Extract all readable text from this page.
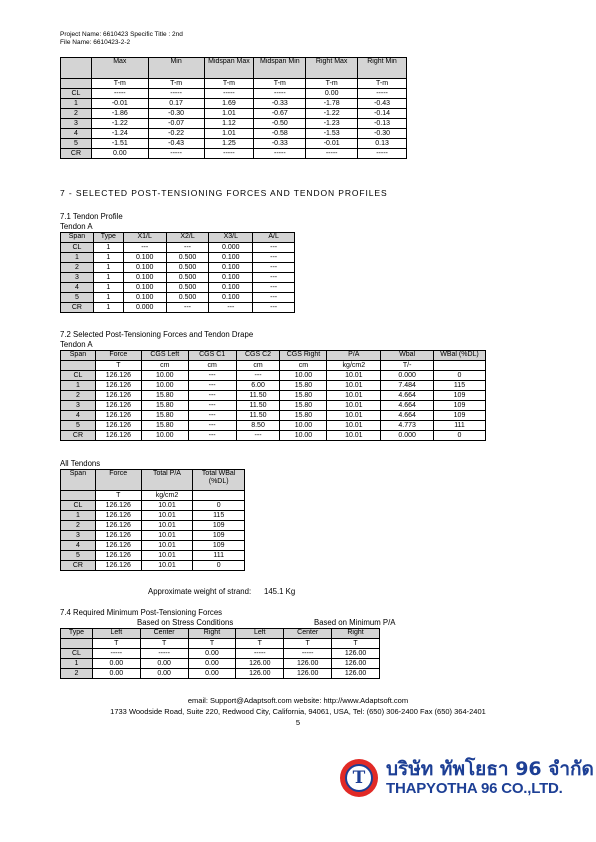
Project Name: 6610423 Specific Title : 2nd
File Name: 6610423-2-2
	Max	Min	Midspan Max	Midspan Min	Right Max	Right Min
	T-m	T-m	T-m	T-m	T-m	T-m
CL	-----	-----	-----	-----	0.00	-----
1	-0.01	0.17	1.69	-0.33	-1.78	-0.43
2	-1.86	-0.30	1.01	-0.67	-1.22	-0.14
3	-1.22	-0.07	1.12	-0.50	-1.23	-0.13
4	-1.24	-0.22	1.01	-0.58	-1.53	-0.30
5	-1.51	-0.43	1.25	-0.33	-0.01	0.13
CR	0.00	-----	-----	-----	-----	-----
7 - SELECTED POST-TENSIONING FORCES AND TENDON PROFILES
7.1 Tendon Profile
Tendon A
Span	Type	X1/L	X2/L	X3/L	A/L
CL	1	---	---	0.000	---
1	1	0.100	0.500	0.100	---
2	1	0.100	0.500	0.100	---
3	1	0.100	0.500	0.100	---
4	1	0.100	0.500	0.100	---
5	1	0.100	0.500	0.100	---
CR	1	0.000	---	---	---
7.2 Selected Post-Tensioning Forces and Tendon Drape
Tendon A
Span	Force	CGS Left	CGS C1	CGS C2	CGS Right	P/A	Wbal	WBal (%DL)
	T	cm	cm	cm	cm	kg/cm2	T/-	
CL	126.126	10.00	---	---	10.00	10.01	0.000	0
1	126.126	10.00	---	6.00	15.80	10.01	7.484	115
2	126.126	15.80	---	11.50	15.80	10.01	4.664	109
3	126.126	15.80	---	11.50	15.80	10.01	4.664	109
4	126.126	15.80	---	11.50	15.80	10.01	4.664	109
5	126.126	15.80	---	8.50	10.00	10.01	4.773	111
CR	126.126	10.00	---	---	10.00	10.01	0.000	0
All Tendons
Span	Force	Total P/A	Total WBal (%DL)
	T	kg/cm2	
CL	126.126	10.01	0
1	126.126	10.01	115
2	126.126	10.01	109
3	126.126	10.01	109
4	126.126	10.01	109
5	126.126	10.01	111
CR	126.126	10.01	0
Approximate weight of strand: 145.1 Kg
7.4 Required Minimum Post-Tensioning Forces
Based on Stress Conditions	Based on Minimum P/A
Type	Left	Center	Right	Left	Center	Right
	T	T	T	T	T	T
CL	-----	-----	0.00	-----	-----	126.00
1	0.00	0.00	0.00	126.00	126.00	126.00
2	0.00	0.00	0.00	126.00	126.00	126.00
email: Support@Adaptsoft.com website: http://www.Adaptsoft.com
1733 Woodside Road, Suite 220, Redwood City, California, 94061, USA, Tel: (650) 306-2400 Fax (650) 364-2401
5
T	บริษัท ทัพโยธา 96 จำกัด
THAPYOTHA 96 CO.,LTD.
